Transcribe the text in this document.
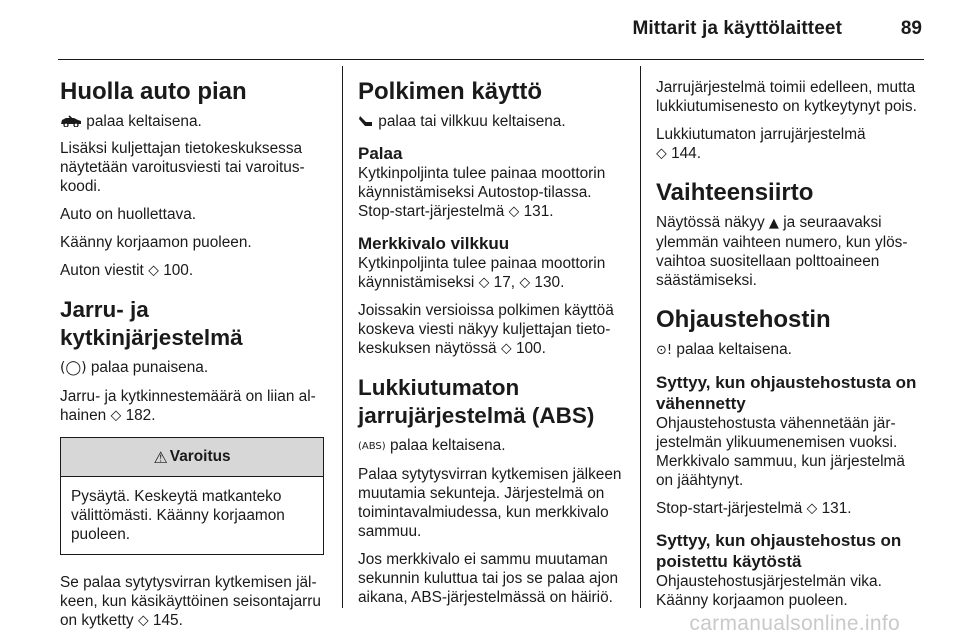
Mittarit ja käyttölaitteet	89
Huolla auto pian

palaa keltaisena.

Lisäksi kuljettajan tietokeskuksessa näytetään varoitusviesti tai varoituskoodi.

Auto on huollettava.

Käänny korjaamon puoleen.

Auton viestit ⬦ 100.

Jarru- ja kytkinjärjestelmä

(◯) palaa punaisena.

Jarru- ja kytkinnestemäärä on liian alhainen ⬦ 182.

⚠ Varoitus
Pysäytä. Keskeytä matkanteko välittömästi. Käänny korjaamon puoleen.

Se palaa sytytysvirran kytkemisen jälkeen, kun käsikäyttöinen seisontajarru on kytketty ⬦ 145.

Polkimen käyttö

palaa tai vilkkuu keltaisena.

Palaa

Kytkinpoljinta tulee painaa moottorin käynnistämiseksi Autostop-tilassa. Stop-start-järjestelmä ⬦ 131.

Merkkivalo vilkkuu

Kytkinpoljinta tulee painaa moottorin käynnistämiseksi ⬦ 17, ⬦ 130.

Joissakin versioissa polkimen käyttöä koskeva viesti näkyy kuljettajan tietokeskuksen näytössä ⬦ 100.

Lukkiutumaton jarrujärjestelmä (ABS)

(ABS) palaa keltaisena.

Palaa sytytysvirran kytkemisen jälkeen muutamia sekunteja. Järjestelmä on toimintavalmiudessa, kun merkkivalo sammuu.

Jos merkkivalo ei sammu muutaman sekunnin kuluttua tai jos se palaa ajon aikana, ABS-järjestelmässä on häiriö.

Jarrujärjestelmä toimii edelleen, mutta lukkiutumisenesto on kytkeytynyt pois.

Lukkiutumaton jarrujärjestelmä
⬦ 144.

Vaihteensiirto

Näytössä näkyy ▲ ja seuraavaksi ylemmän vaihteen numero, kun ylösvaihtoa suositellaan polttoaineen säästämiseksi.

Ohjaustehostin

⊙! palaa keltaisena.

Syttyy, kun ohjaustehostusta on vähennetty

Ohjaustehostusta vähennetään järjestelmän ylikuumenemisen vuoksi. Merkkivalo sammuu, kun järjestelmä on jäähtynyt.

Stop-start-järjestelmä ⬦ 131.

Syttyy, kun ohjaustehostus on poistettu käytöstä

Ohjaustehostusjärjestelmän vika. Käänny korjaamon puoleen.

carmanualsonline.info
